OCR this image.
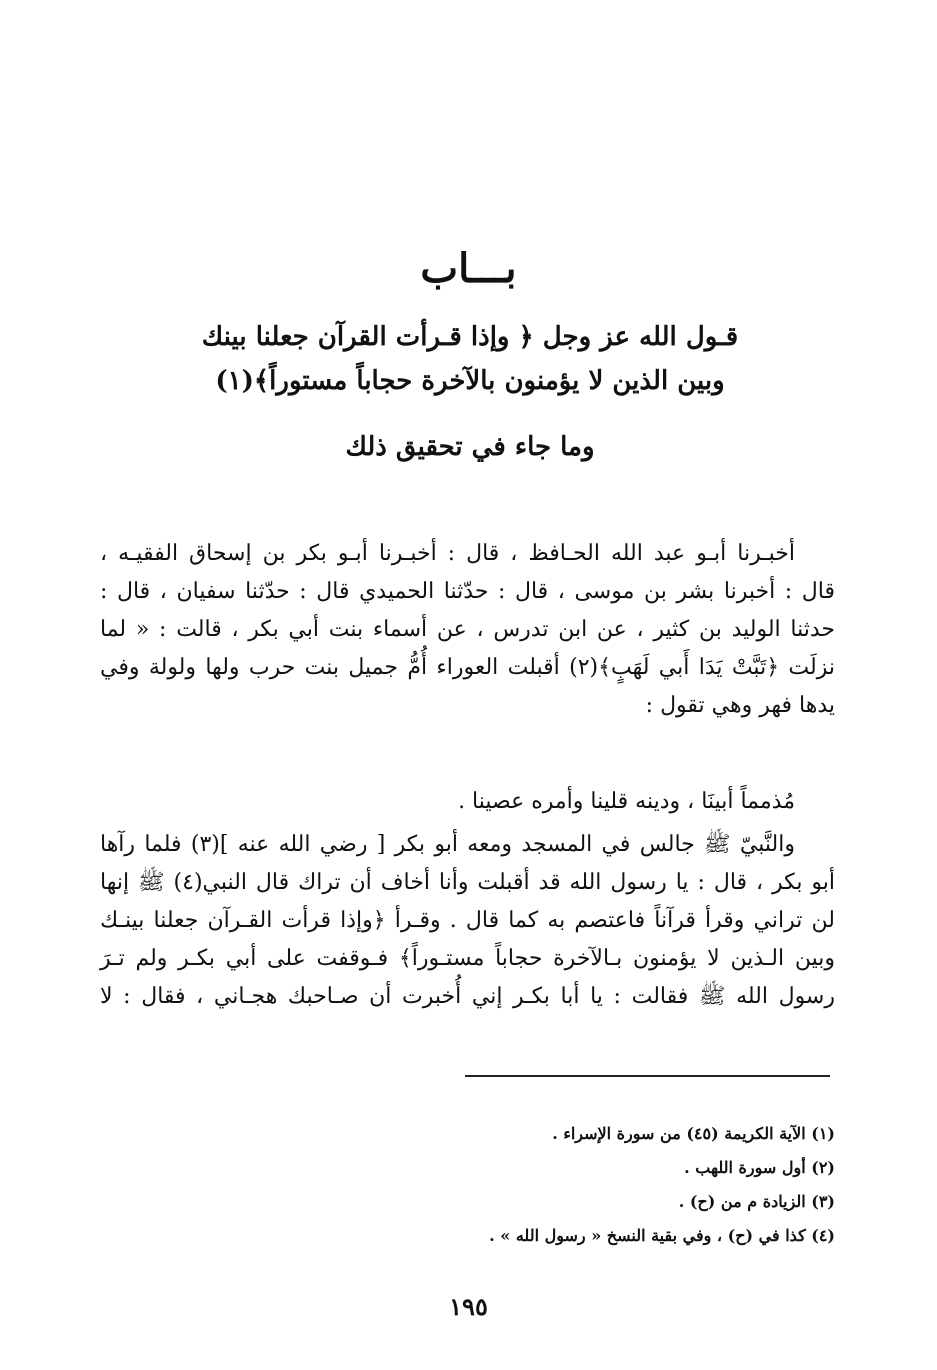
بـــاب
قـول الله عز وجل ﴿ وإذا قـرأت القرآن جعلنا بينك
وبين الذين لا يؤمنون بالآخرة حجاباً مستوراً﴾(١)
وما جاء في تحقيق ذلك
أخبـرنا أبـو عبد الله الحـافظ ، قال : أخبـرنا أبـو بكر بن إسحاق الفقيـه ،
قال : أخبرنا بشر بن موسى ، قال : حدّثنا الحميدي قال : حدّثنا سفيان ، قال :
حدثنا الوليد بن كثير ، عن ابن تدرس ، عن أسماء بنت أبي بكر ، قالت : « لما
نزلَت ﴿تَبَّتْ يَدَا أَبي لَهَبٍ﴾(٢) أقبلت العوراء أُمُّ جميل بنت حرب ولها ولولة وفي
يدها فهر وهي تقول :
مُذمماً أبينَا ، ودينه قلينا وأمره عصينا .
والنَّبيّ ﷺ جالس في المسجد ومعه أبو بكر [ رضي الله عنه ](٣) فلما رآها
أبو بكر ، قال : يا رسول الله قد أقبلت وأنا أخاف أن تراك قال النبي(٤) ﷺ إنها
لن تراني وقرأ قرآناً فاعتصم به كما قال . وقـرأ ﴿وإذا قرأت القـرآن جعلنا بينـك
وبين الـذين لا يؤمنون بـالآخرة حجاباً مستـوراً﴾ فـوقفت على أبي بكـر ولم تـرَ
رسول الله ﷺ فقالت : يا أبا بكـر إني أُخبرت أن صـاحبك هجـاني ، فقال : لا
(١) الآية الكريمة (٤٥) من سورة الإسراء .
(٢) أول سورة اللهب .
(٣) الزيادة م من (ح) .
(٤) كذا في (ح) ، وفي بقية النسخ « رسول الله » .
١٩٥
